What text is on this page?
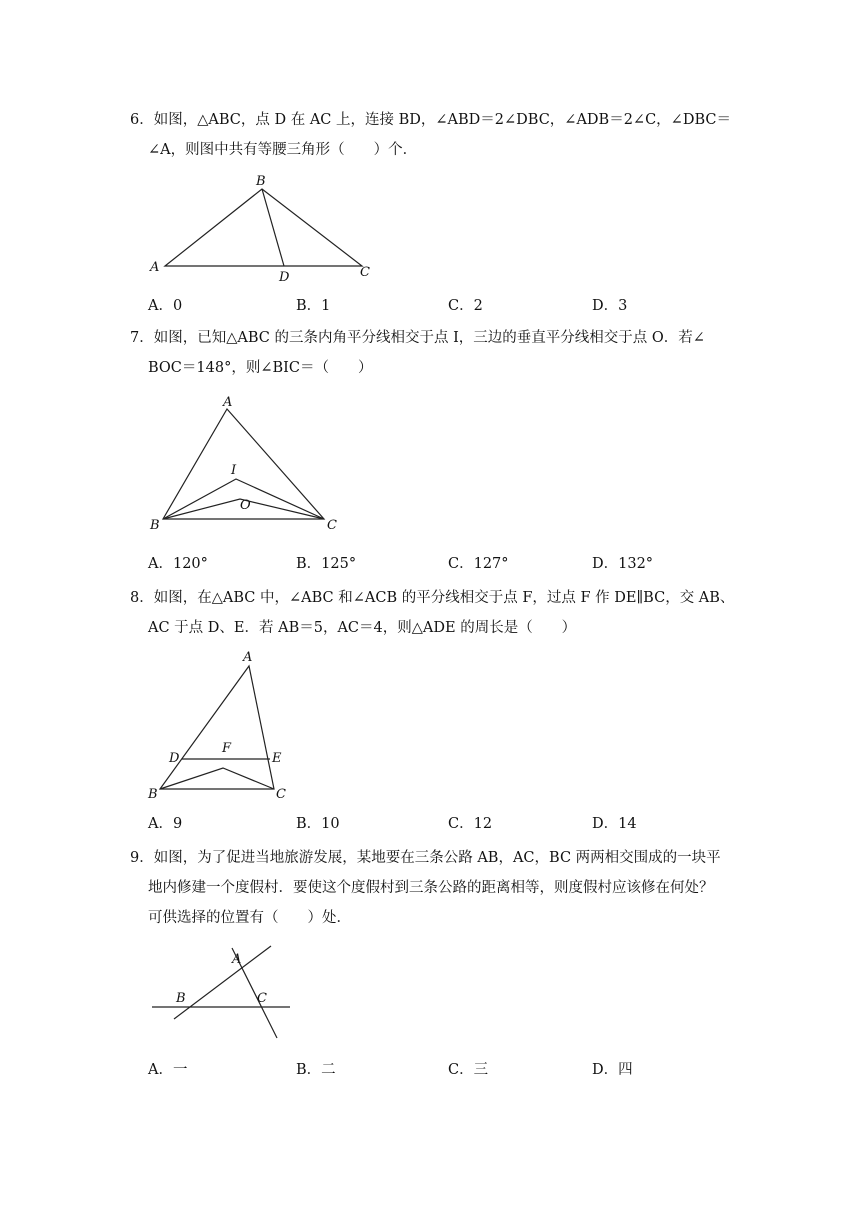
6．如图，△ABC，点 D 在 AC 上，连接 BD，∠ABD＝2∠DBC，∠ADB＝2∠C，∠DBC＝
∠A，则图中共有等腰三角形（　　）个．
B
A
D	C
A．0	B．1	C．2	D．3
7．如图，已知△ABC 的三条内角平分线相交于点 I，三边的垂直平分线相交于点 O．若∠
BOC＝148°，则∠BIC＝（　　）
A
I
O
B	C
A．120°	B．125°	C．127°	D．132°
8．如图，在△ABC 中，∠ABC 和∠ACB 的平分线相交于点 F，过点 F 作 DE∥BC，交 AB、
AC 于点 D、E．若 AB＝5，AC＝4，则△ADE 的周长是（　　）
A
D
F
E
B	C
A．9	B．10	C．12	D．14
9．如图，为了促进当地旅游发展，某地要在三条公路 AB，AC，BC 两两相交围成的一块平
地内修建一个度假村．要使这个度假村到三条公路的距离相等，则度假村应该修在何处？
可供选择的位置有（　　）处．
A
B	C
A．一	B．二	C．三	D．四
